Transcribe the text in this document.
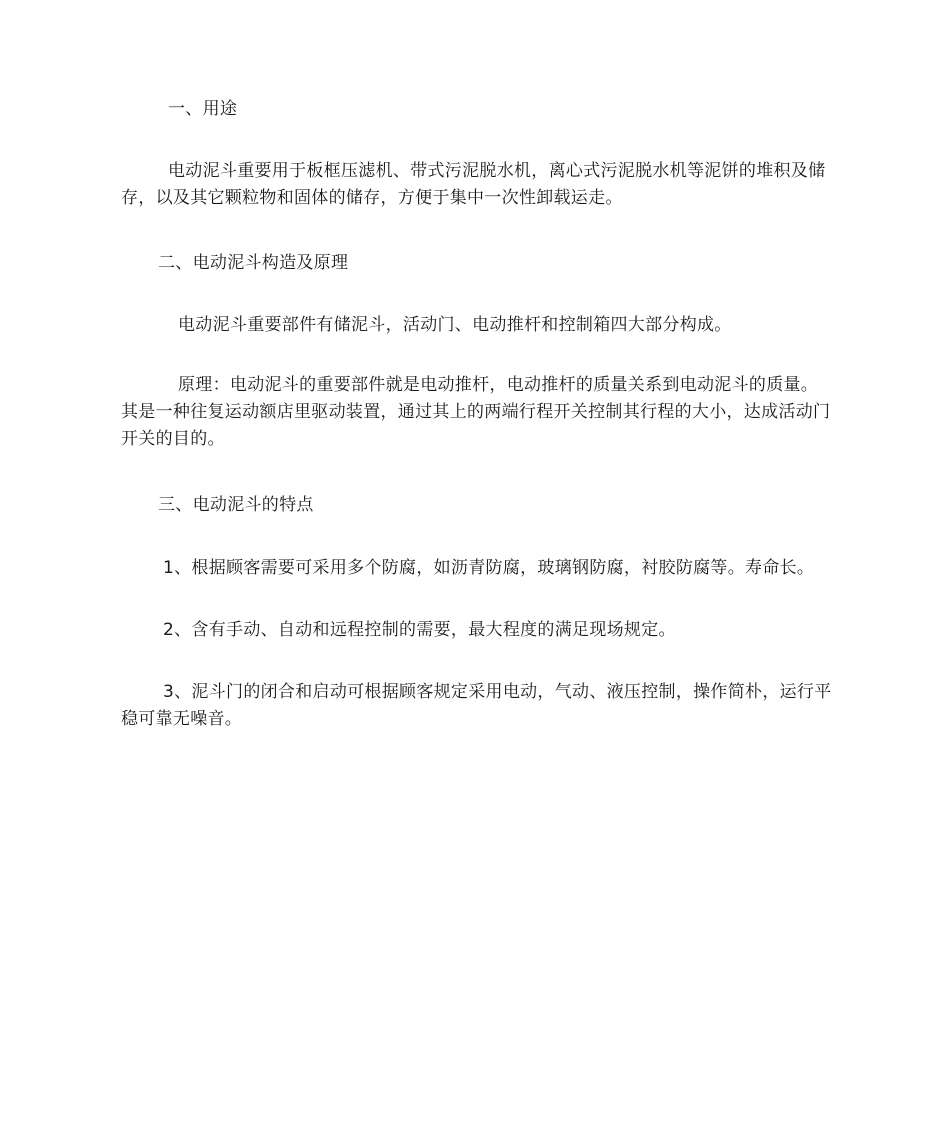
一、用途
电动泥斗重要用于板框压滤机、带式污泥脱水机，离心式污泥脱水机等泥饼的堆积及储存，以及其它颗粒物和固体的储存，方便于集中一次性卸载运走。
二、电动泥斗构造及原理
电动泥斗重要部件有储泥斗，活动门、电动推杆和控制箱四大部分构成。
原理：电动泥斗的重要部件就是电动推杆，电动推杆的质量关系到电动泥斗的质量。其是一种往复运动额店里驱动装置，通过其上的两端行程开关控制其行程的大小，达成活动门开关的目的。
三、电动泥斗的特点
1、根据顾客需要可采用多个防腐，如沥青防腐，玻璃钢防腐，衬胶防腐等。寿命长。
2、含有手动、自动和远程控制的需要，最大程度的满足现场规定。
3、泥斗门的闭合和启动可根据顾客规定采用电动，气动、液压控制，操作简朴，运行平稳可靠无噪音。
